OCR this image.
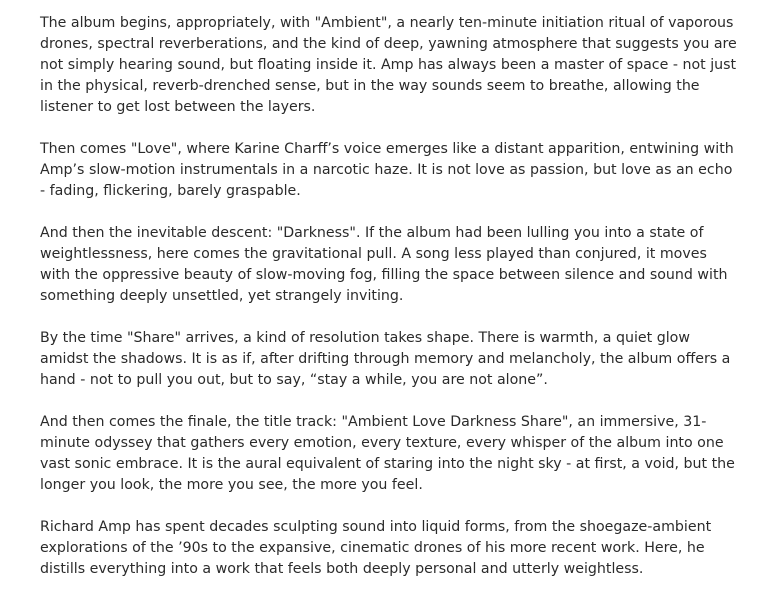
The album begins, appropriately, with "Ambient", a nearly ten-minute initiation ritual of vaporous drones, spectral reverberations, and the kind of deep, yawning atmosphere that suggests you are not simply hearing sound, but floating inside it. Amp has always been a master of space - not just in the physical, reverb-drenched sense, but in the way sounds seem to breathe, allowing the listener to get lost between the layers.

Then comes "Love", where Karine Charff’s voice emerges like a distant apparition, entwining with Amp’s slow-motion instrumentals in a narcotic haze. It is not love as passion, but love as an echo - fading, flickering, barely graspable.

And then the inevitable descent: "Darkness". If the album had been lulling you into a state of weightlessness, here comes the gravitational pull. A song less played than conjured, it moves with the oppressive beauty of slow-moving fog, filling the space between silence and sound with something deeply unsettled, yet strangely inviting.

By the time "Share" arrives, a kind of resolution takes shape. There is warmth, a quiet glow amidst the shadows. It is as if, after drifting through memory and melancholy, the album offers a hand - not to pull you out, but to say, “stay a while, you are not alone”.

And then comes the finale, the title track: "Ambient Love Darkness Share", an immersive, 31-minute odyssey that gathers every emotion, every texture, every whisper of the album into one vast sonic embrace. It is the aural equivalent of staring into the night sky - at first, a void, but the longer you look, the more you see, the more you feel.

Richard Amp has spent decades sculpting sound into liquid forms, from the shoegaze-ambient explorations of the ’90s to the expansive, cinematic drones of his more recent work. Here, he distills everything into a work that feels both deeply personal and utterly weightless.
